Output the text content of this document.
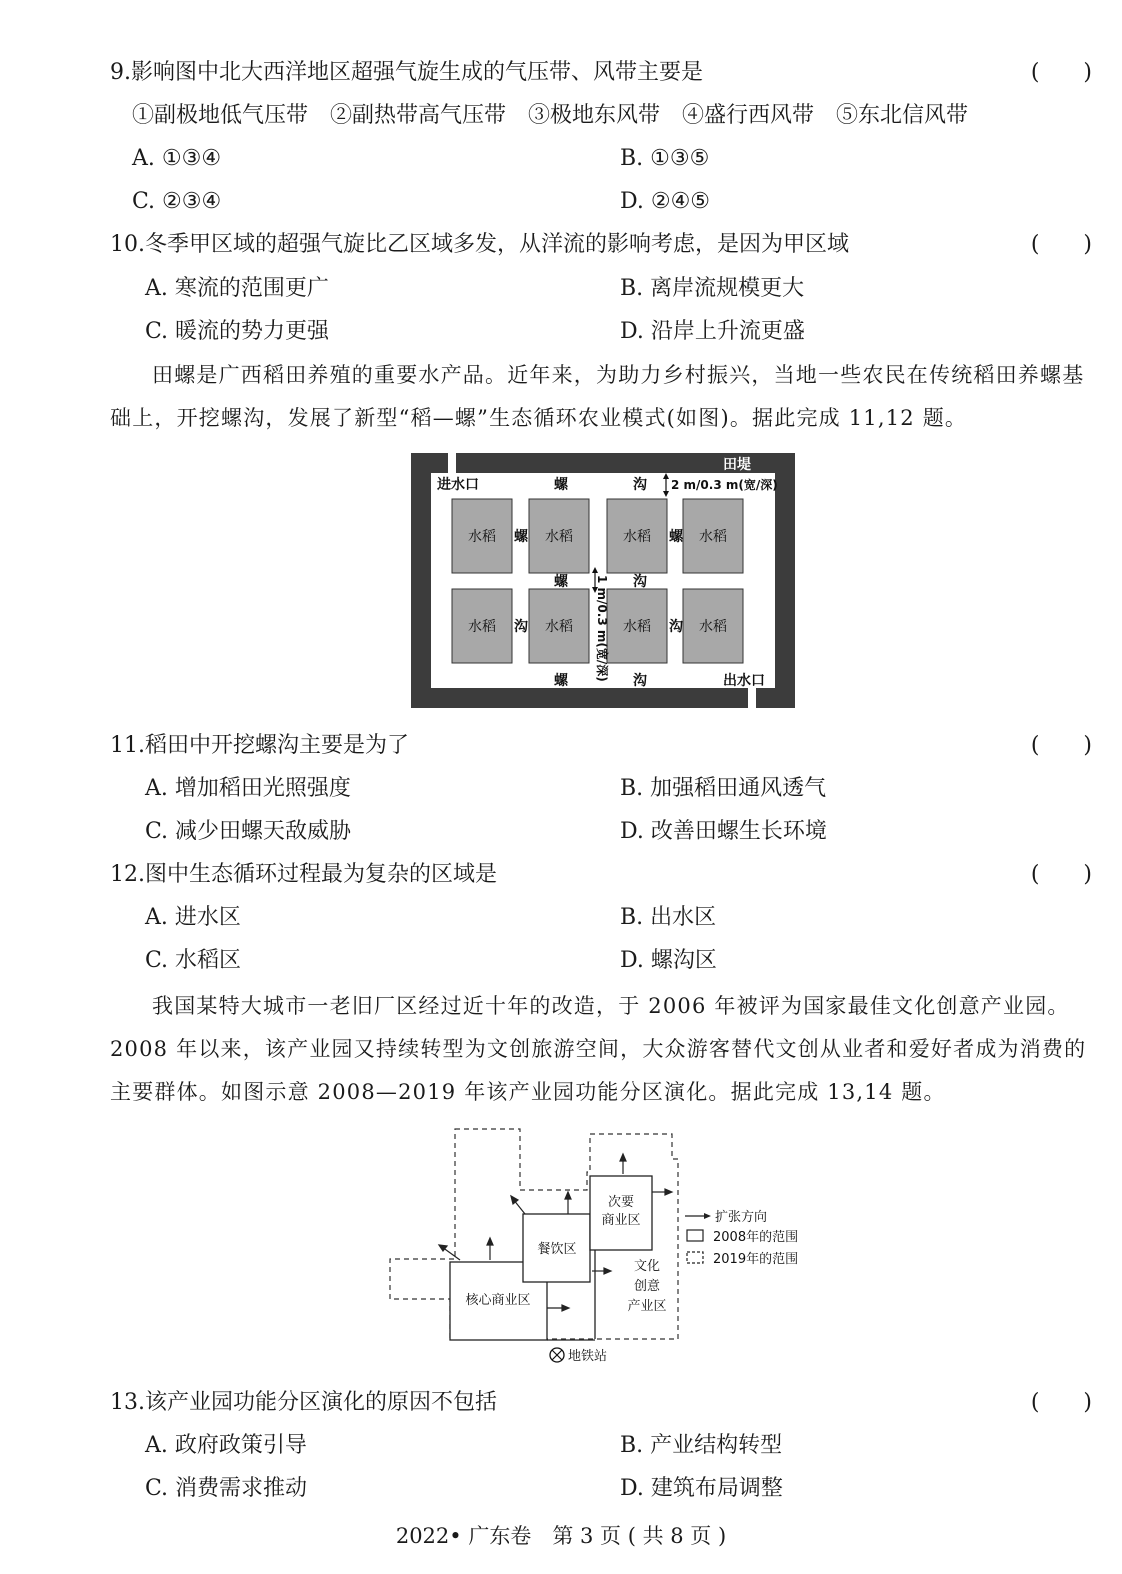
9.影响图中北大西洋地区超强气旋生成的气压带、风带主要是	(　　)
①副极地低气压带　②副热带高气压带　③极地东风带　④盛行西风带　⑤东北信风带
A. ①③④	B. ①③⑤
C. ②③④	D. ②④⑤
10.冬季甲区域的超强气旋比乙区域多发，从洋流的影响考虑，是因为甲区域	(　　)
A. 寒流的范围更广	B. 离岸流规模更大
C. 暖流的势力更强	D. 沿岸上升流更盛
田螺是广西稻田养殖的重要水产品。近年来，为助力乡村振兴，当地一些农民在传统稻田养螺基础上，开挖螺沟，发展了新型“稻—螺”生态循环农业模式(如图)。据此完成 11,12 题。
田堤
水稻	水稻	水稻	水稻
水稻	水稻	水稻	水稻
进水口	螺	沟 2 m/0.3 m(宽/深)
螺	螺
沟	沟
螺	沟
1 m/0.3 m(宽/深)
螺	沟	出水口
11.稻田中开挖螺沟主要是为了	(　　)
A. 增加稻田光照强度	B. 加强稻田通风透气
C. 减少田螺天敌威胁	D. 改善田螺生长环境
12.图中生态循环过程最为复杂的区域是	(　　)
A. 进水区	B. 出水区
C. 水稻区	D. 螺沟区
我国某特大城市一老旧厂区经过近十年的改造，于 2006 年被评为国家最佳文化创意产业园。2008 年以来，该产业园又持续转型为文创旅游空间，大众游客替代文创从业者和爱好者成为消费的主要群体。如图示意 2008—2019 年该产业园功能分区演化。据此完成 13,14 题。
核心商业区
餐饮区
次要
商业区
文化
创意
产业区
地铁站
扩张方向
2008年的范围
2019年的范围
13.该产业园功能分区演化的原因不包括	(　　)
A. 政府政策引导	B. 产业结构转型
C. 消费需求推动	D. 建筑布局调整
2022• 广东卷　第 3 页 ( 共 8 页 )
